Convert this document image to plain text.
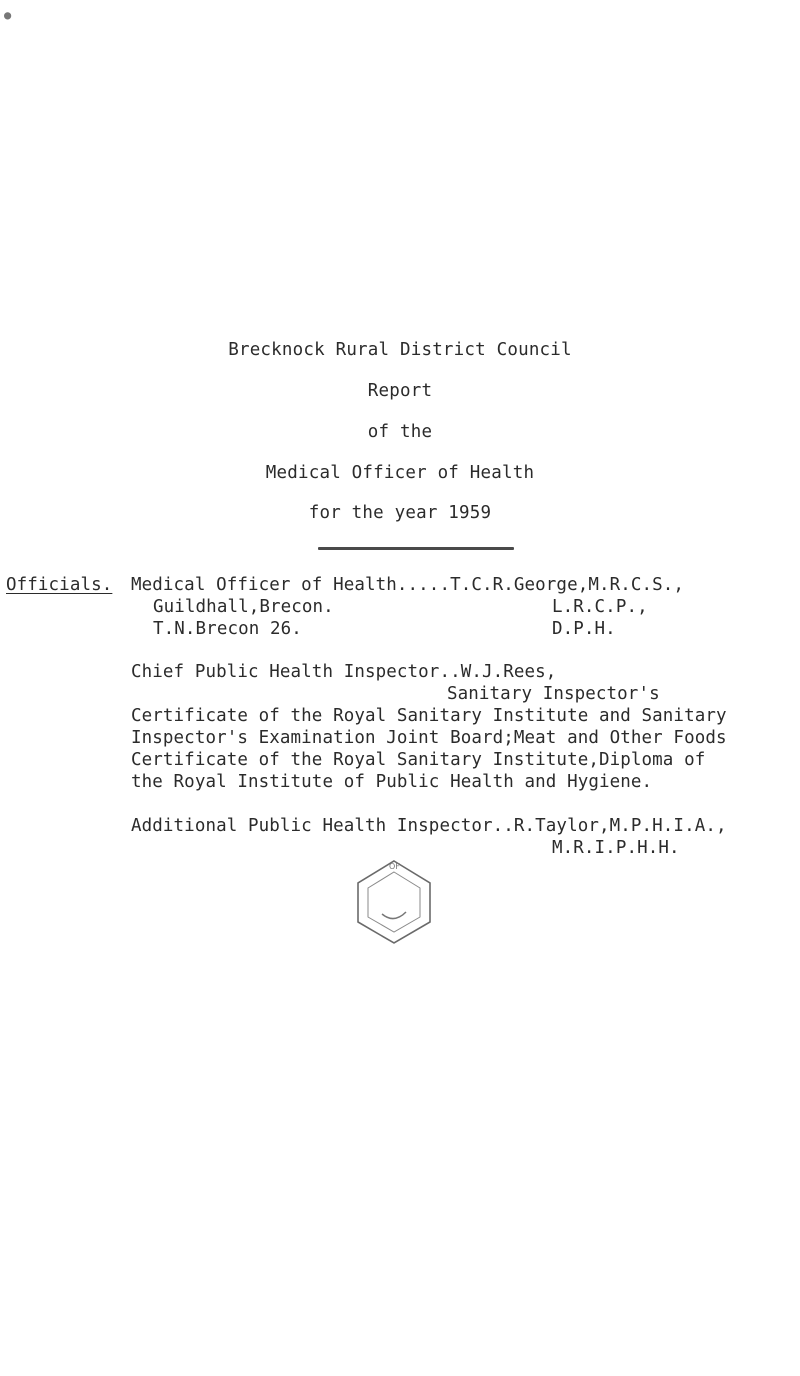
●
Brecknock Rural District Council
Report
of the
Medical Officer of Health
for the year 1959
Officials. Medical Officer of Health.....T.C.R.George,M.R.C.S.,
Guildhall,Brecon.	L.R.C.P.,
T.N.Brecon 26.	D.P.H.
Chief Public Health Inspector..W.J.Rees,
Sanitary Inspector's
Certificate of the Royal Sanitary Institute and Sanitary
Inspector's Examination Joint Board;Meat and Other Foods
Certificate of the Royal Sanitary Institute,Diploma of
the Royal Institute of Public Health and Hygiene.
Additional Public Health Inspector..R.Taylor,M.P.H.I.A.,
M.R.I.P.H.H.
OF
